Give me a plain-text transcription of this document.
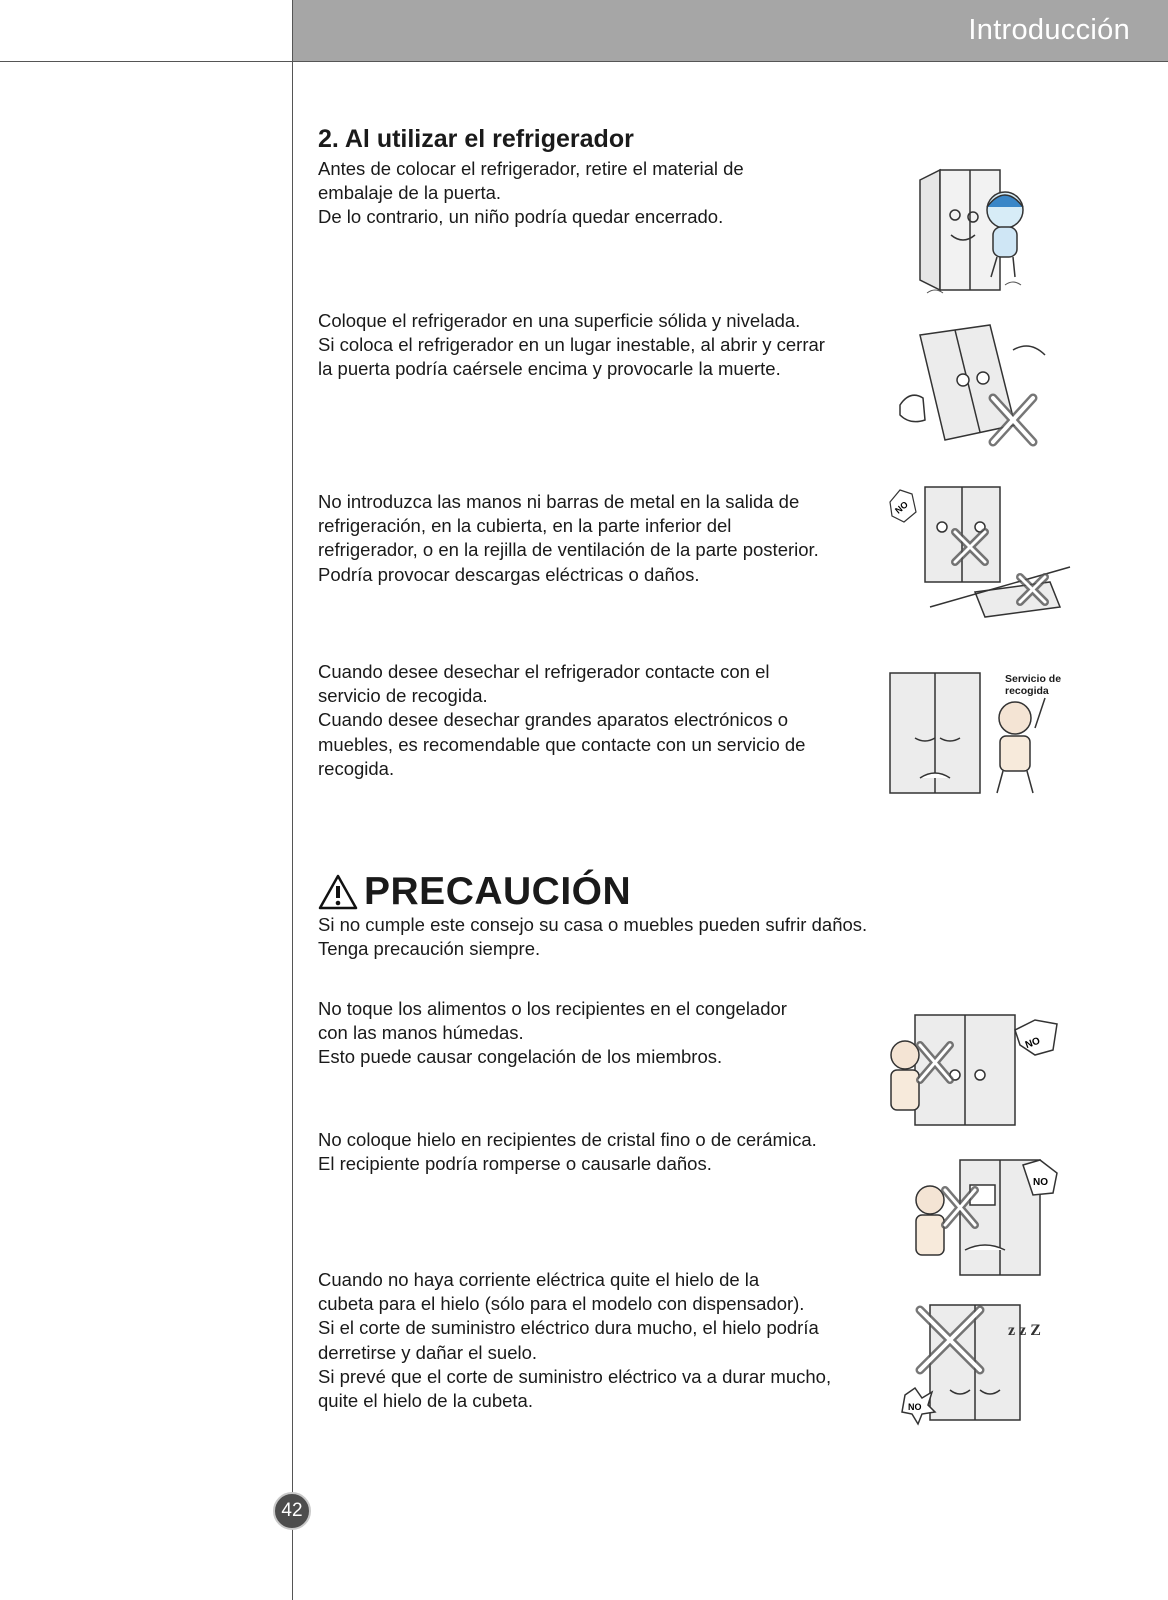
Introducción
2. Al utilizar el refrigerador

Antes de colocar el refrigerador, retire el material de

embalaje de la puerta.

De lo contrario, un niño podría quedar encerrado.

Coloque el refrigerador en una superficie sólida y nivelada.

Si coloca el refrigerador en un lugar inestable, al abrir y cerrar

la puerta podría caérsele encima y provocarle la muerte.

No introduzca las manos ni barras de metal en la salida de

refrigeración, en la cubierta, en la parte inferior del

refrigerador, o en la rejilla de ventilación de la parte posterior.

Podría provocar descargas eléctricas o daños.

Cuando desee desechar el refrigerador contacte con el

servicio de recogida.

Cuando desee desechar grandes aparatos electrónicos o

muebles, es recomendable que contacte con un servicio de

recogida.

NO
Servicio de
recogida
PRECAUCIÓN

Si no cumple este consejo su casa o muebles pueden sufrir daños.

Tenga precaución siempre.

No toque los alimentos o los recipientes en el congelador

con las manos húmedas.

Esto puede causar congelación de los miembros.

No coloque hielo en recipientes de cristal fino o de cerámica.

El recipiente podría romperse o causarle daños.

Cuando no haya corriente eléctrica quite el hielo de la

cubeta para el hielo (sólo para el modelo con dispensador).

Si el corte de suministro eléctrico dura mucho, el hielo podría

derretirse y dañar el suelo.

Si prevé que el corte de suministro eléctrico va a durar mucho,

quite el hielo de la cubeta.

NO
NO
NO
z z Z
42
